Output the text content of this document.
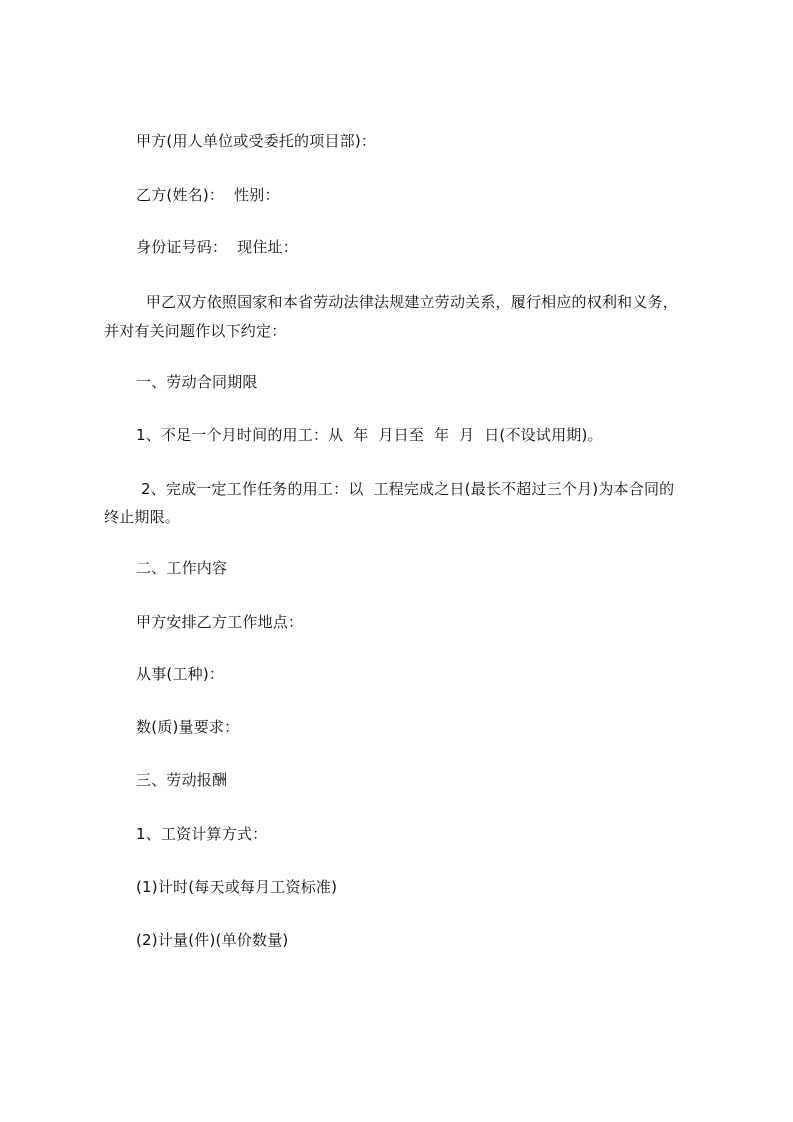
甲方(用人单位或受委托的项目部)：
乙方(姓名)：  性别：
身份证号码：  现住址：
甲乙双方依照国家和本省劳动法律法规建立劳动关系，履行相应的权利和义务，
并对有关问题作以下约定：
一、劳动合同期限
1、不足一个月时间的用工：从  年  月日至  年  月  日(不设试用期)。
2、完成一定工作任务的用工：以  工程完成之日(最长不超过三个月)为本合同的
终止期限。
二、工作内容
甲方安排乙方工作地点：
从事(工种)：
数(质)量要求：
三、劳动报酬
1、工资计算方式：
(1)计时(每天或每月工资标准)
(2)计量(件)(单价数量)
